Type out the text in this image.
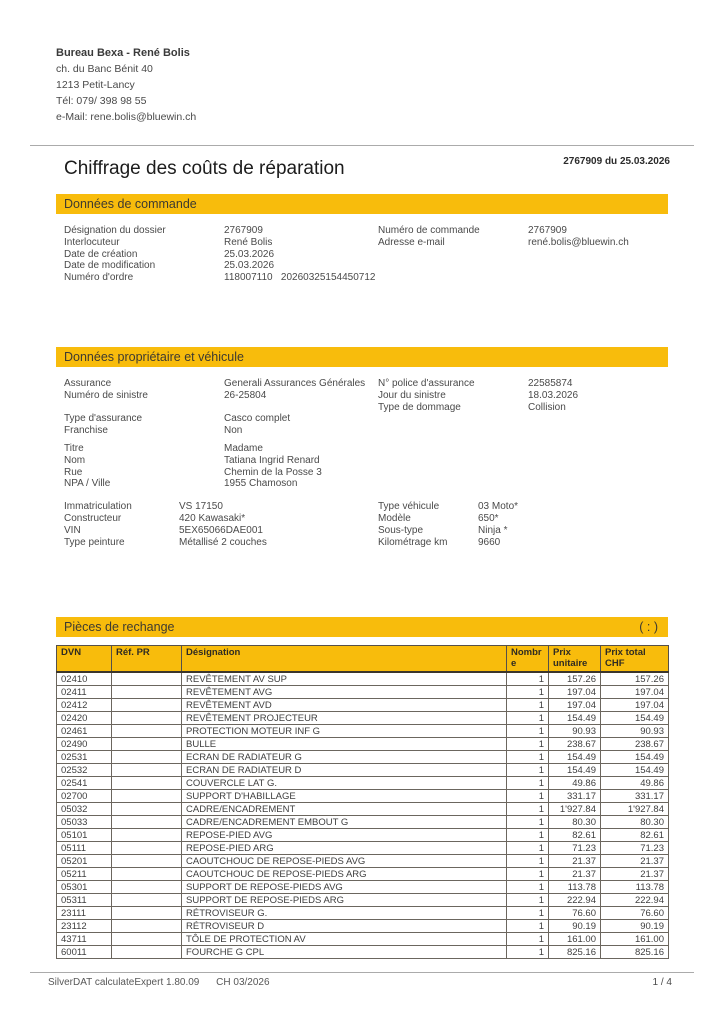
Bureau Bexa - René Bolis
ch. du Banc Bénit 40
1213 Petit-Lancy
Tél: 079/ 398 98 55
e-Mail: rene.bolis@bluewin.ch
Chiffrage des coûts de réparation	2767909 du 25.03.2026
Données de commande
Désignation du dossier	2767909
Interlocuteur	René Bolis
Date de création	25.03.2026
Date de modification	25.03.2026
Numéro d'ordre	118007110   20260325154450712
Numéro de commande	2767909
Adresse e-mail	rené.bolis@bluewin.ch
Données propriétaire et véhicule
Assurance	Generali Assurances Générales
Numéro de sinistre	26-25804
N° police d'assurance	22585874
Jour du sinistre	18.03.2026
Type de dommage	Collision
Type d'assurance	Casco complet
Franchise	Non
Titre	Madame
Nom	Tatiana Ingrid Renard
Rue	Chemin de la Posse 3
NPA / Ville	1955 Chamoson
Immatriculation	VS 17150
Constructeur	420 Kawasaki*
VIN	5EX65066DAE001
Type peinture	Métallisé 2 couches
Type véhicule	03 Moto*
Modèle	650*
Sous-type	Ninja *
Kilométrage km	9660
Pièces de rechange	( : )
DVN	Réf. PR	Désignation	Nombre	Prix unitaire	Prix total CHF
02410		REVÊTEMENT AV SUP	1	157.26	157.26
02411		REVÊTEMENT AVG	1	197.04	197.04
02412		REVÊTEMENT AVD	1	197.04	197.04
02420		REVÊTEMENT PROJECTEUR	1	154.49	154.49
02461		PROTECTION MOTEUR INF G	1	90.93	90.93
02490		BULLE	1	238.67	238.67
02531		ECRAN DE RADIATEUR G	1	154.49	154.49
02532		ECRAN DE RADIATEUR D	1	154.49	154.49
02541		COUVERCLE LAT G.	1	49.86	49.86
02700		SUPPORT D'HABILLAGE	1	331.17	331.17
05032		CADRE/ENCADREMENT	1	1'927.84	1'927.84
05033		CADRE/ENCADREMENT EMBOUT G	1	80.30	80.30
05101		REPOSE-PIED AVG	1	82.61	82.61
05111		REPOSE-PIED ARG	1	71.23	71.23
05201		CAOUTCHOUC DE REPOSE-PIEDS AVG	1	21.37	21.37
05211		CAOUTCHOUC DE REPOSE-PIEDS ARG	1	21.37	21.37
05301		SUPPORT DE REPOSE-PIEDS AVG	1	113.78	113.78
05311		SUPPORT DE REPOSE-PIEDS ARG	1	222.94	222.94
23111		RÉTROVISEUR G.	1	76.60	76.60
23112		RÉTROVISEUR D	1	90.19	90.19
43711		TÔLE DE PROTECTION AV	1	161.00	161.00
60011		FOURCHE G CPL	1	825.16	825.16
SilverDAT calculateExpert 1.80.09 CH 03/2026	1 / 4
